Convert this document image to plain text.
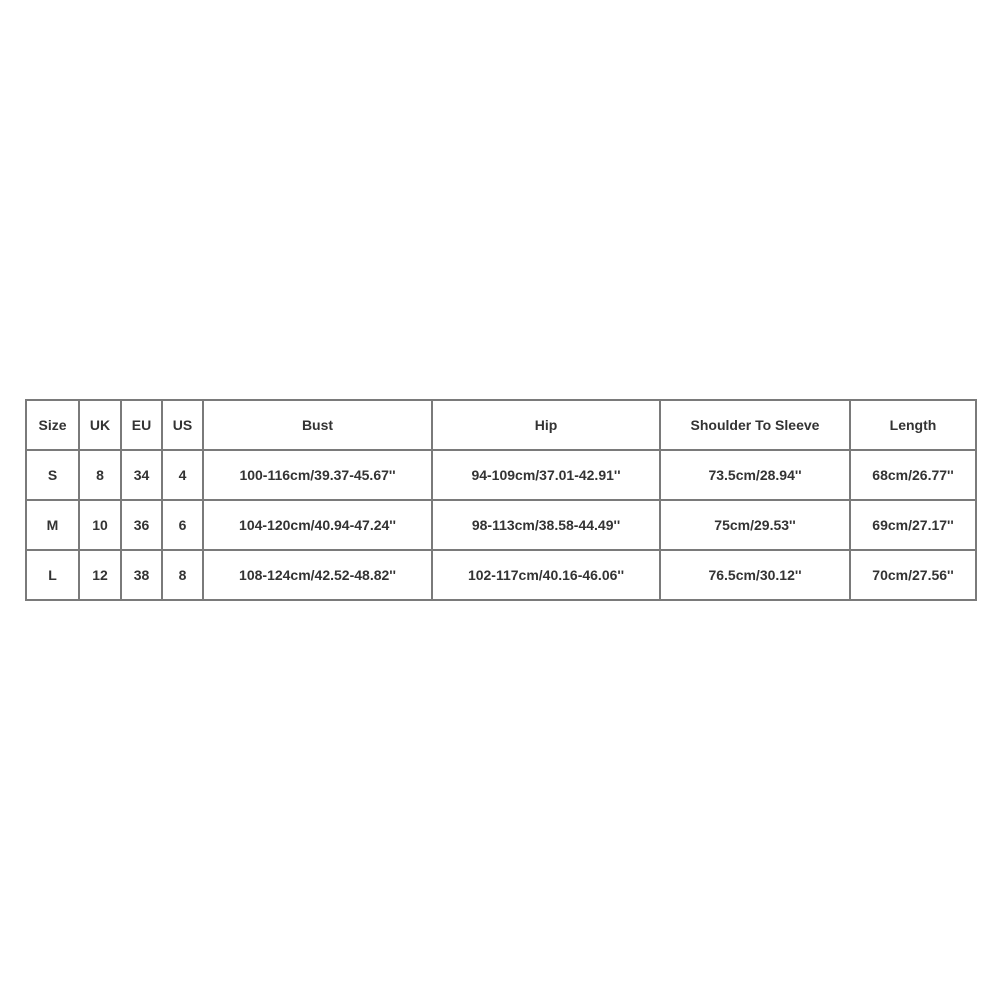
Size	UK	EU	US	Bust	Hip	Shoulder To Sleeve	Length
S	8	34	4	100-116cm/39.37-45.67''	94-109cm/37.01-42.91''	73.5cm/28.94''	68cm/26.77''
M	10	36	6	104-120cm/40.94-47.24''	98-113cm/38.58-44.49''	75cm/29.53''	69cm/27.17''
L	12	38	8	108-124cm/42.52-48.82''	102-117cm/40.16-46.06''	76.5cm/30.12''	70cm/27.56''
